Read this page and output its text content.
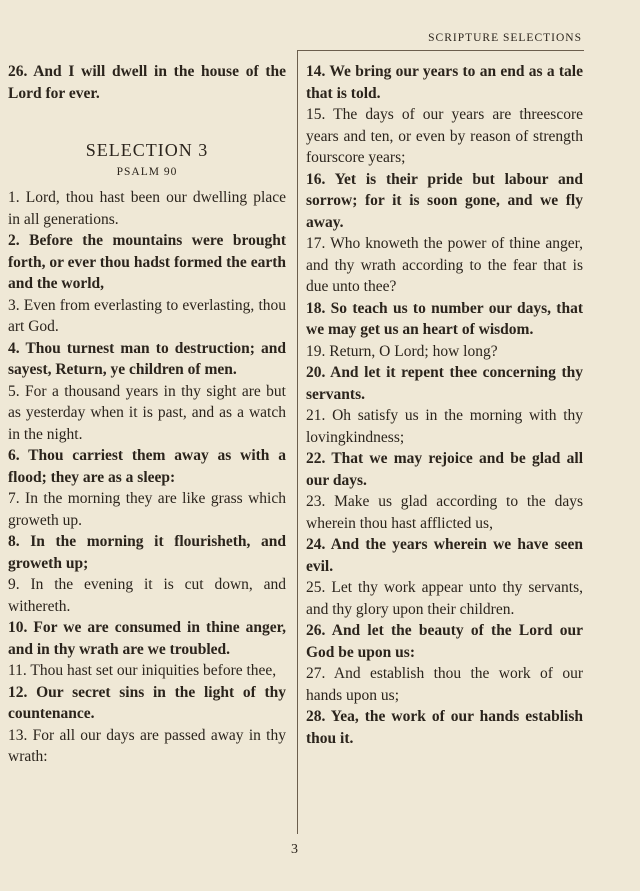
SCRIPTURE SELECTIONS
26. And I will dwell in the house of the Lord for ever.
SELECTION 3
PSALM 90
1. Lord, thou hast been our dwelling place in all generations.
2. Before the mountains were brought forth, or ever thou hadst formed the earth and the world,
3. Even from everlasting to everlasting, thou art God.
4. Thou turnest man to destruction; and sayest, Return, ye children of men.
5. For a thousand years in thy sight are but as yesterday when it is past, and as a watch in the night.
6. Thou carriest them away as with a flood; they are as a sleep:
7. In the morning they are like grass which groweth up.
8. In the morning it flourisheth, and groweth up;
9. In the evening it is cut down, and withereth.
10. For we are consumed in thine anger, and in thy wrath are we troubled.
11. Thou hast set our iniquities before thee,
12. Our secret sins in the light of thy countenance.
13. For all our days are passed away in thy wrath:
14. We bring our years to an end as a tale that is told.
15. The days of our years are threescore years and ten, or even by reason of strength fourscore years;
16. Yet is their pride but labour and sorrow; for it is soon gone, and we fly away.
17. Who knoweth the power of thine anger, and thy wrath according to the fear that is due unto thee?
18. So teach us to number our days, that we may get us an heart of wisdom.
19. Return, O Lord; how long?
20. And let it repent thee concerning thy servants.
21. Oh satisfy us in the morning with thy lovingkindness;
22. That we may rejoice and be glad all our days.
23. Make us glad according to the days wherein thou hast afflicted us,
24. And the years wherein we have seen evil.
25. Let thy work appear unto thy servants, and thy glory upon their children.
26. And let the beauty of the Lord our God be upon us:
27. And establish thou the work of our hands upon us;
28. Yea, the work of our hands establish thou it.
3
